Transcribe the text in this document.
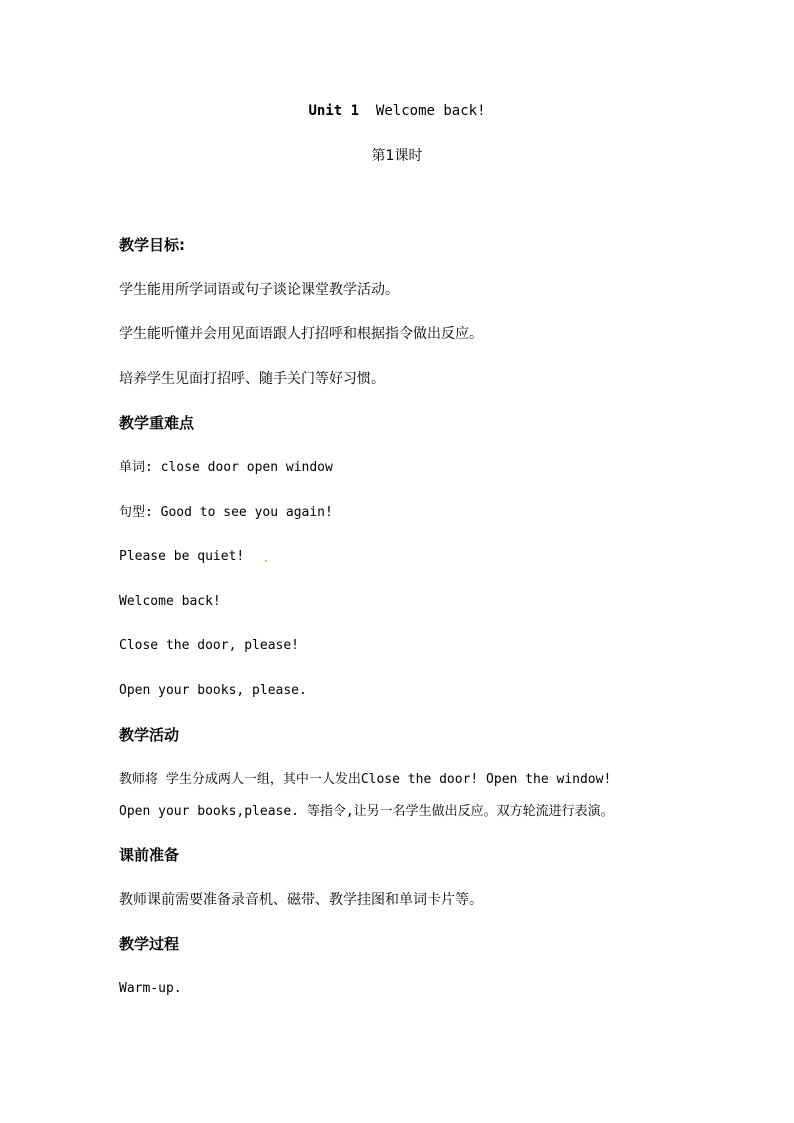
Unit 1 Welcome back!
第1课时
教学目标:
学生能用所学词语或句子谈论课堂教学活动。
学生能听懂并会用见面语跟人打招呼和根据指令做出反应。
培养学生见面打招呼、随手关门等好习惯。
教学重难点
单词: close door open window
句型: Good to see you again!
Please be quiet!
Welcome back!
Close the door, please!
Open your books, please.
教学活动
教师将 学生分成两人一组，其中一人发出Close the door! Open the window!
Open your books,please. 等指令,让另一名学生做出反应。双方轮流进行表演。
课前准备
教师课前需要准备录音机、磁带、教学挂图和单词卡片等。
教学过程
Warm-up.
